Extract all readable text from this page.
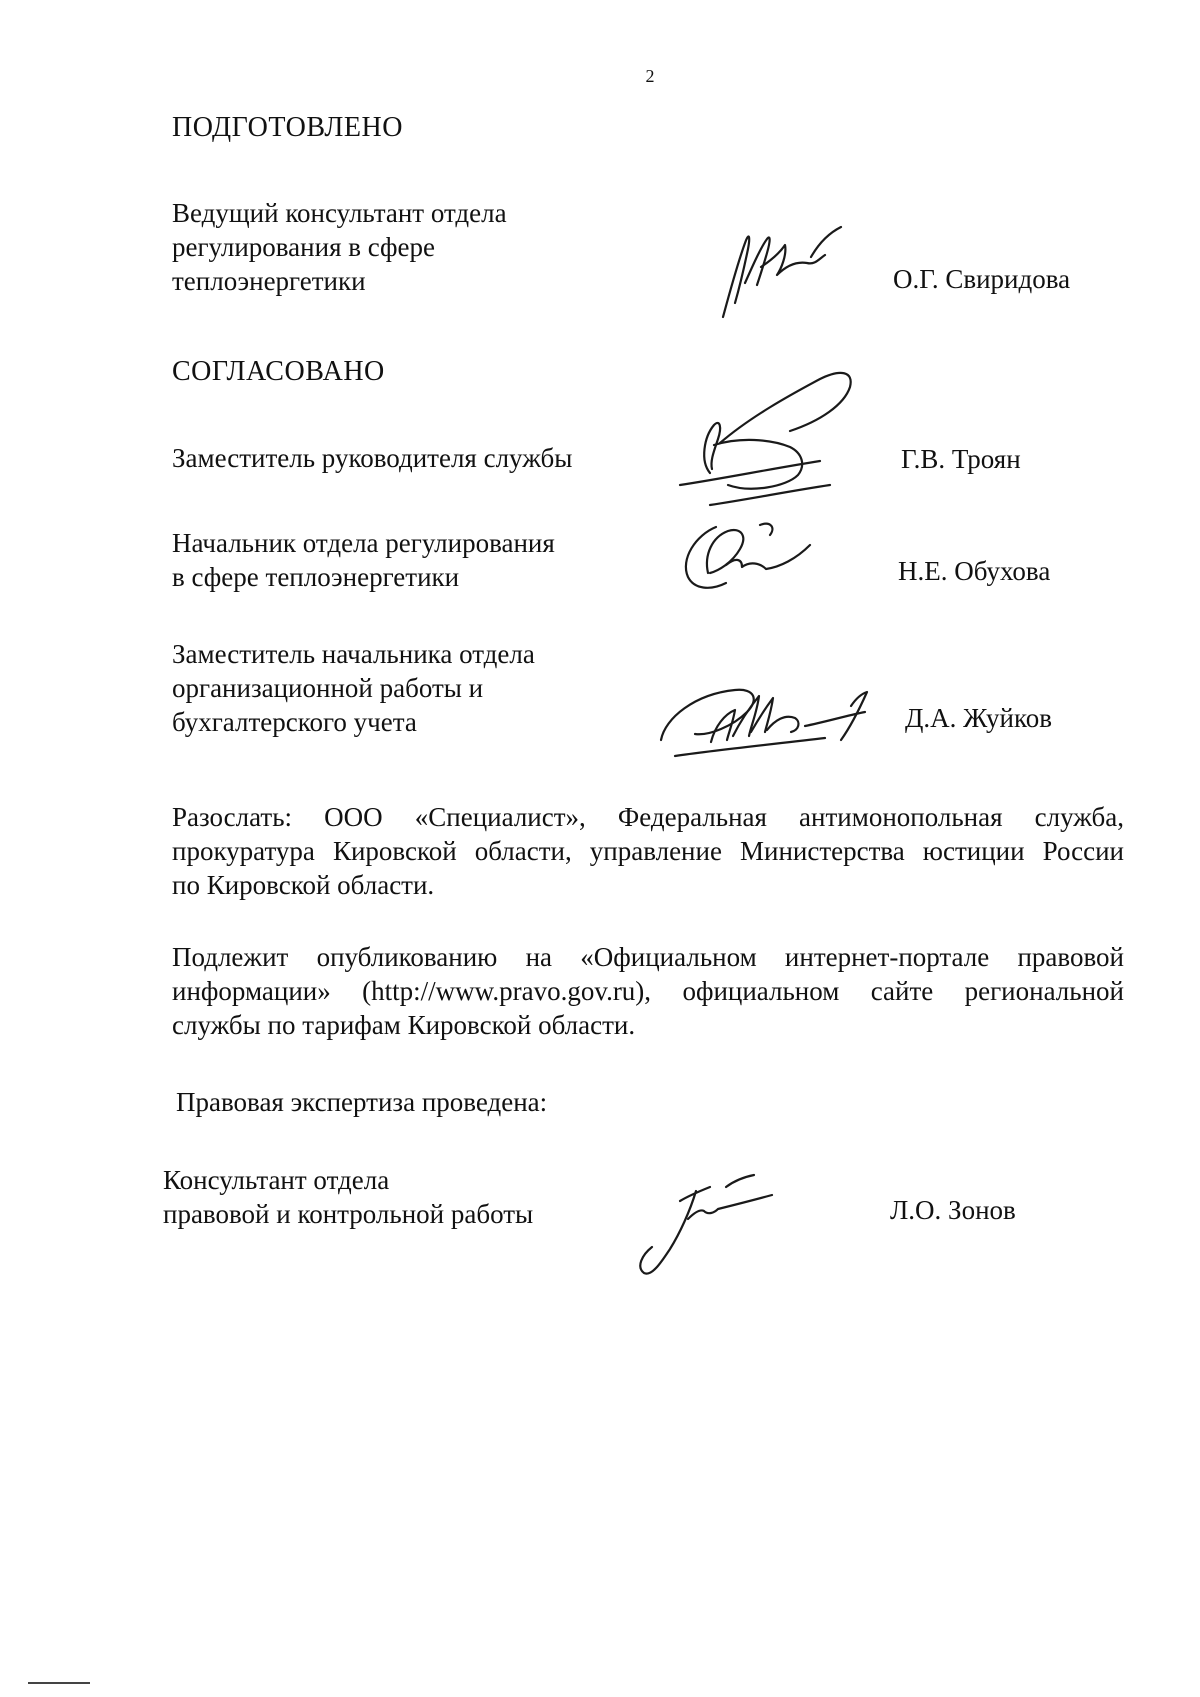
2
ПОДГОТОВЛЕНО
Ведущий консультант отдела
регулирования в сфере
теплоэнергетики	О.Г. Свиридова
СОГЛАСОВАНО
Заместитель руководителя службы	Г.В. Троян
Начальник отдела регулирования
в сфере теплоэнергетики	Н.Е. Обухова
Заместитель начальника отдела
организационной работы и
бухгалтерского учета	Д.А. Жуйков
Разослать: ООО «Специалист», Федеральная антимонопольная служба,
прокуратура Кировской области, управление Министерства юстиции России
по Кировской области.
Подлежит опубликованию на «Официальном интернет-портале правовой
информации» (http://www.pravo.gov.ru), официальном сайте региональной
службы по тарифам Кировской области.
Правовая экспертиза проведена:
Консультант отдела
правовой и контрольной работы	Л.О. Зонов
